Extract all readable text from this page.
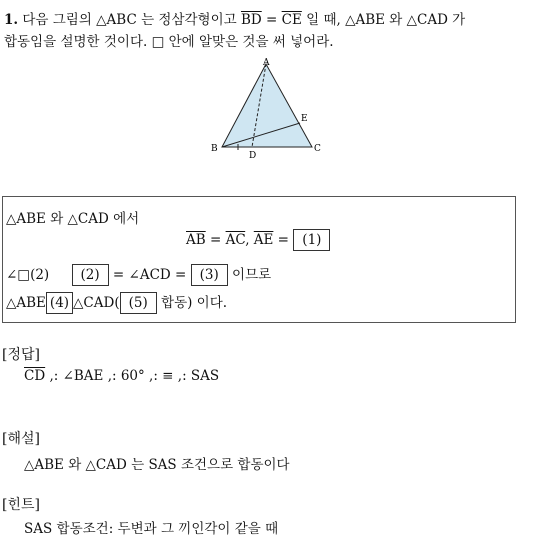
1. 다음 그림의 △ABC 는 정삼각형이고 $\overline{BD} = \overline{CE}$ 일 때, △ABE 와 △CAD 가
합동임을 설명한 것이다. □ 안에 알맞은 것을 써 넣어라.
A
B	C
D
E
△ABE 와 △CAD 에서
$\overline{AB} = \overline{AC}$, $\overline{AE} = (1)$
∠□(2) (2) = ∠ACD = (3) 이므로
△ABE (4) △CAD( (5) 합동) 이다.
[정답]
$\overline{CD}$ ,: ∠BAE ,: 60° ,: ≡ ,: SAS
[해설]
△ABE 와 △CAD 는 SAS 조건으로 합동이다
[힌트]
SAS 합동조건: 두변과 그 끼인각이 같을 때
